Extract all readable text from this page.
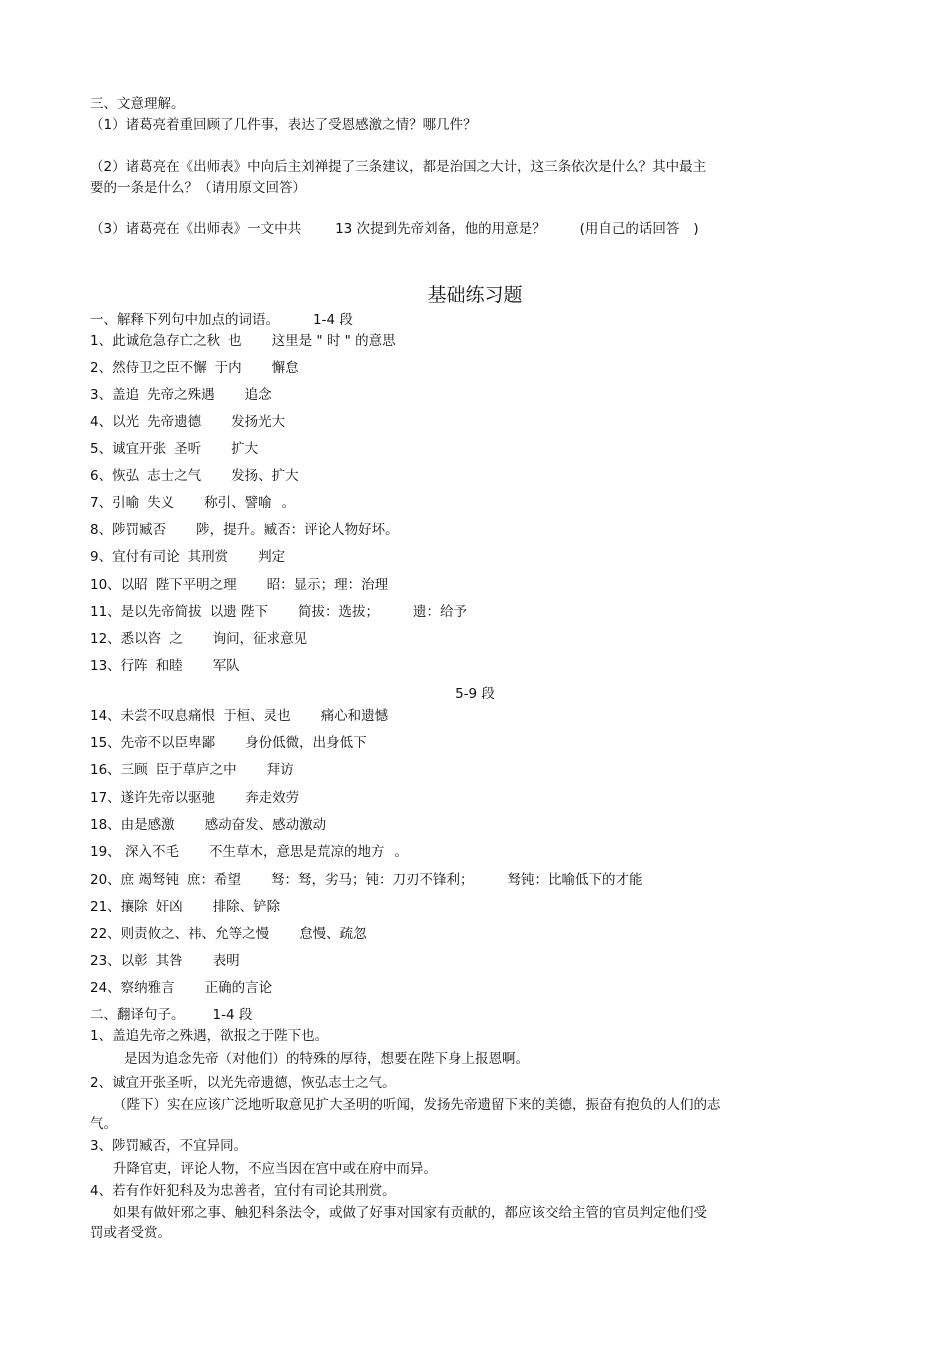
三、文意理解。
（1）诸葛亮着重回顾了几件事，表达了受恩感激之情？哪几件？
（2）诸葛亮在《出师表》中向后主刘禅提了三条建议，都是治国之大计，这三条依次是什么？其中最主
要的一条是什么？（请用原文回答）
（3）诸葛亮在《出师表》一文中共	13 次提到先帝刘备，他的用意是？	(用自己的话回答 )
基础练习题
一、解释下列句中加点的词语。	1-4 段
1、此诚危急存亡之秋 也 这里是 " 时 " 的意思
2、然侍卫之臣不懈 于内 懈怠
3、盖追 先帝之殊遇 追念
4、以光 先帝遗德 发扬光大
5、诚宜开张 圣听 扩大
6、恢弘 志士之气 发扬、扩大
7、引喻 失义 称引、譬喻 。
8、陟罚臧否 陟，提升。臧否：评论人物好坏。
9、宜付有司论 其刑赏 判定
10、以昭 陛下平明之理 昭：显示；理：治理
11、是以先帝简拔 以遗 陛下 简拔：选拔；	遗：给予
12、悉以咨 之 询问，征求意见
13、行阵 和睦 军队
5-9 段
14、未尝不叹息痛恨 于桓、灵也 痛心和遗憾
15、先帝不以臣卑鄙 身份低微，出身低下
16、三顾 臣于草庐之中 拜访
17、遂许先帝以驱驰 奔走效劳
18、由是感激 感动奋发、感动激动
19、 深入不毛 不生草木，意思是荒凉的地方 。
20、庶 竭驽钝 庶：希望 驽：驽，劣马；钝：刀刃不锋利；	驽钝：比喻低下的才能
21、攘除 奸凶 排除、铲除
22、则责攸之、祎、允等之慢 怠慢、疏忽
23、以彰 其咎 表明
24、察纳雅言 正确的言论
二、翻译句子。 1-4 段
1、盖追先帝之殊遇，欲报之于陛下也。
是因为追念先帝（对他们）的特殊的厚待，想要在陛下身上报恩啊。
2、诚宜开张圣听，以光先帝遗德，恢弘志士之气。
（陛下）实在应该广泛地听取意见扩大圣明的听闻，发扬先帝遗留下来的美德，振奋有抱负的人们的志
气。
3、陟罚臧否，不宜异同。
升降官吏，评论人物，不应当因在宫中或在府中而异。
4、若有作奸犯科及为忠善者，宜付有司论其刑赏。
如果有做奸邪之事、触犯科条法令，或做了好事对国家有贡献的，都应该交给主管的官员判定他们受
罚或者受赏。
